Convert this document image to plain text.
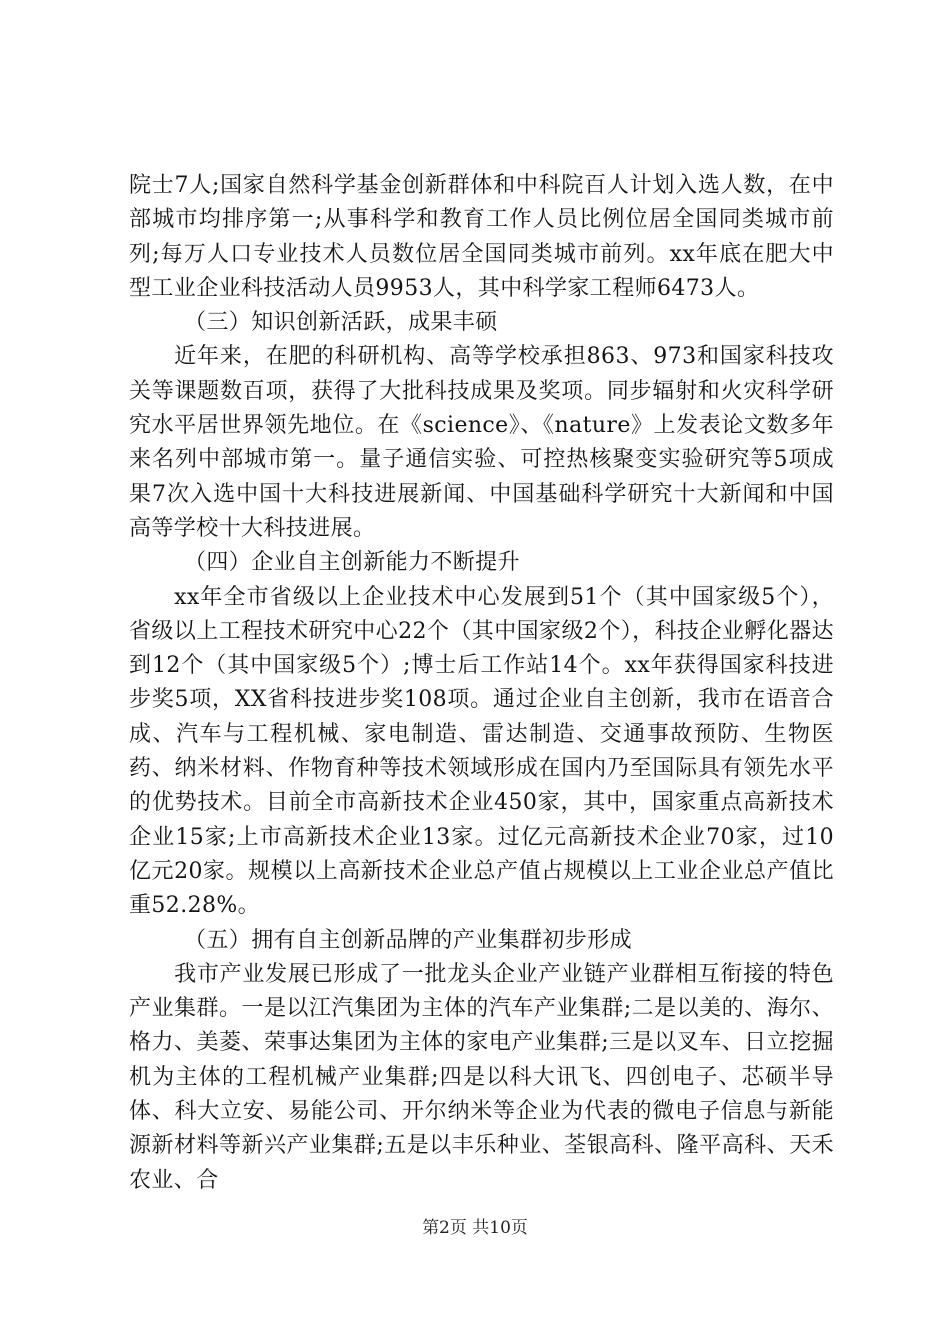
院士7人;国家自然科学基金创新群体和中科院百人计划入选人数，在中部城市均排序第一;从事科学和教育工作人员比例位居全国同类城市前列;每万人口专业技术人员数位居全国同类城市前列。xx年底在肥大中型工业企业科技活动人员9953人，其中科学家工程师6473人。

（三）知识创新活跃，成果丰硕

近年来，在肥的科研机构、高等学校承担863、973和国家科技攻关等课题数百项，获得了大批科技成果及奖项。同步辐射和火灾科学研究水平居世界领先地位。在《science》、《nature》上发表论文数多年来名列中部城市第一。量子通信实验、可控热核聚变实验研究等5项成果7次入选中国十大科技进展新闻、中国基础科学研究十大新闻和中国高等学校十大科技进展。

（四）企业自主创新能力不断提升

xx年全市省级以上企业技术中心发展到51个（其中国家级5个），省级以上工程技术研究中心22个（其中国家级2个），科技企业孵化器达到12个（其中国家级5个）;博士后工作站14个。xx年获得国家科技进步奖5项，XX省科技进步奖108项。通过企业自主创新，我市在语音合成、汽车与工程机械、家电制造、雷达制造、交通事故预防、生物医药、纳米材料、作物育种等技术领域形成在国内乃至国际具有领先水平的优势技术。目前全市高新技术企业450家，其中，国家重点高新技术企业15家;上市高新技术企业13家。过亿元高新技术企业70家，过10亿元20家。规模以上高新技术企业总产值占规模以上工业企业总产值比重52.28%。

（五）拥有自主创新品牌的产业集群初步形成

我市产业发展已形成了一批龙头企业产业链产业群相互衔接的特色产业集群。一是以江汽集团为主体的汽车产业集群;二是以美的、海尔、格力、美菱、荣事达集团为主体的家电产业集群;三是以叉车、日立挖掘机为主体的工程机械产业集群;四是以科大讯飞、四创电子、芯硕半导体、科大立安、易能公司、开尔纳米等企业为代表的微电子信息与新能源新材料等新兴产业集群;五是以丰乐种业、荃银高科、隆平高科、天禾农业、合

第2页 共10页
